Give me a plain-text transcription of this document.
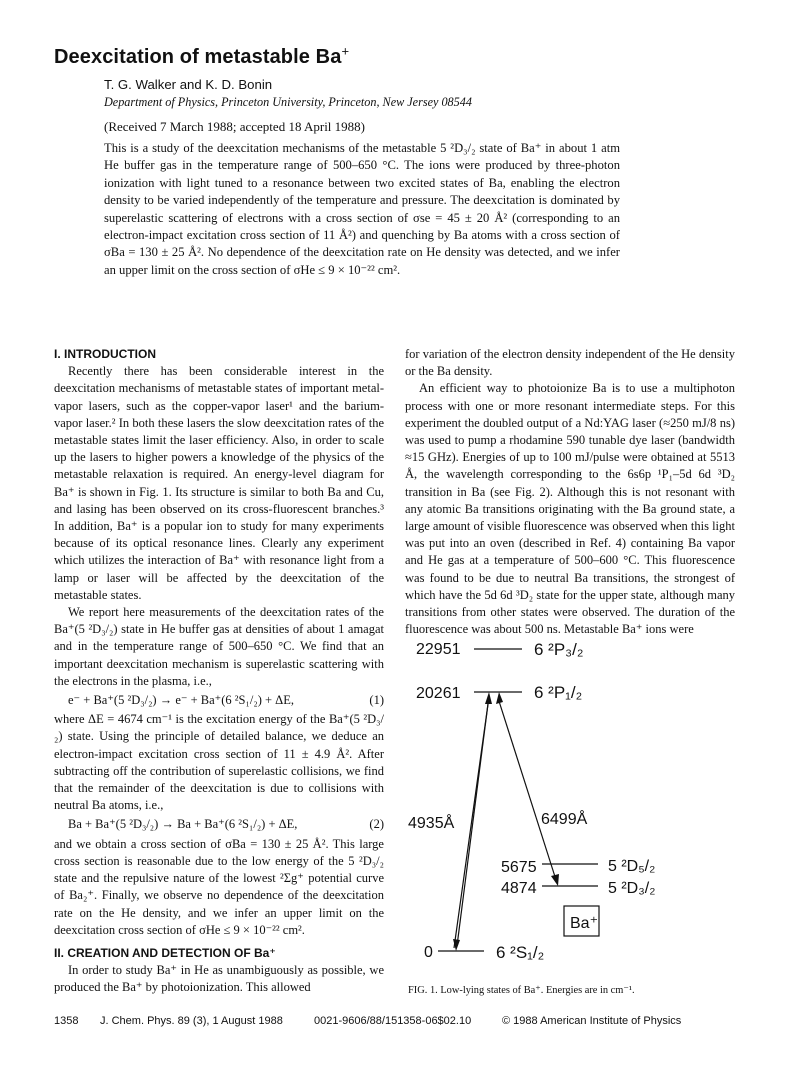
Deexcitation of metastable Ba+
T. G. Walker and K. D. Bonin
Department of Physics, Princeton University, Princeton, New Jersey 08544
(Received 7 March 1988; accepted 18 April 1988)
This is a study of the deexcitation mechanisms of the metastable 5 ²D₃/₂ state of Ba⁺ in about 1 atm He buffer gas in the temperature range of 500–650 °C. The ions were produced by three-photon ionization with light tuned to a resonance between two excited states of Ba, enabling the electron density to be varied independently of the temperature and pressure. The deexcitation is dominated by superelastic scattering of electrons with a cross section of σse = 45 ± 20 Å² (corresponding to an electron-impact excitation cross section of 11 Å²) and quenching by Ba atoms with a cross section of σBa = 130 ± 25 Å². No dependence of the deexcitation rate on He density was detected, and we infer an upper limit on the cross section of σHe ≤ 9 × 10⁻²² cm².

I. INTRODUCTION

Recently there has been considerable interest in the deexcitation mechanisms of metastable states of important metal-vapor lasers, such as the copper-vapor laser¹ and the barium-vapor laser.² In both these lasers the slow deexcitation rates of the metastable states limit the laser efficiency. Also, in order to scale up the lasers to higher powers a knowledge of the physics of the metastable relaxation is required. An energy-level diagram for Ba⁺ is shown in Fig. 1. Its structure is similar to both Ba and Cu, and lasing has been observed on its cross-fluorescent branches.³ In addition, Ba⁺ is a popular ion to study for many experiments because of its optical resonance lines. Clearly any experiment which utilizes the interaction of Ba⁺ with resonance light from a lamp or laser will be affected by the deexcitation of the metastable states.

We report here measurements of the deexcitation rates of the Ba⁺(5 ²D₃/₂) state in He buffer gas at densities of about 1 amagat and in the temperature range of 500–650 °C. We find that an important deexcitation mechanism is superelastic scattering with the electrons in the plasma, i.e.,

e⁻ + Ba⁺(5 ²D₃/₂) → e⁻ + Ba⁺(6 ²S₁/₂) + ΔE,	(1)

where ΔE = 4674 cm⁻¹ is the excitation energy of the Ba⁺(5 ²D₃/₂) state. Using the principle of detailed balance, we deduce an electron-impact excitation cross section of 11 ± 4.9 Å². After subtracting off the contribution of superelastic collisions, we find that the remainder of the deexcitation is due to collisions with neutral Ba atoms, i.e.,

Ba + Ba⁺(5 ²D₃/₂) → Ba + Ba⁺(6 ²S₁/₂) + ΔE,	(2)

and we obtain a cross section of σBa = 130 ± 25 Å². This large cross section is reasonable due to the low energy of the 5 ²D₃/₂ state and the repulsive nature of the lowest ²Σg⁺ potential curve of Ba₂⁺. Finally, we observe no dependence of the deexcitation rate on the He density, and we infer an upper limit on the deexcitation cross section of σHe ≤ 9 × 10⁻²² cm².

II. CREATION AND DETECTION OF Ba⁺

In order to study Ba⁺ in He as unambiguously as possible, we produced the Ba⁺ by photoionization. This allowed

for variation of the electron density independent of the He density or the Ba density.

An efficient way to photoionize Ba is to use a multiphoton process with one or more resonant intermediate steps. For this experiment the doubled output of a Nd:YAG laser (≈250 mJ/8 ns) was used to pump a rhodamine 590 tunable dye laser (bandwidth ≈15 GHz). Energies of up to 100 mJ/pulse were obtained at 5513 Å, the wavelength corresponding to the 6s6p ¹P₁–5d 6d ³D₂ transition in Ba (see Fig. 2). Although this is not resonant with any atomic Ba transitions originating with the Ba ground state, a large amount of visible fluorescence was observed when this light was put into an oven (described in Ref. 4) containing Ba vapor and He gas at a temperature of 500–600 °C. This fluorescence was found to be due to neutral Ba transitions, the strongest of which have the 5d 6d ³D₂ state for the upper state, although many transitions from other states were observed. The duration of the fluorescence was about 500 ns. Metastable Ba⁺ ions were

22951	6 ²P₃/₂
20261	6 ²P₁/₂
5675	5 ²D₅/₂
4874	5 ²D₃/₂
Ba⁺
0	6 ²S₁/₂
4935Å	6499Å
FIG. 1. Low-lying states of Ba⁺. Energies are in cm⁻¹.
1358 J. Chem. Phys. 89 (3), 1 August 1988	0021-9606/88/151358-06$02.10	© 1988 American Institute of Physics
